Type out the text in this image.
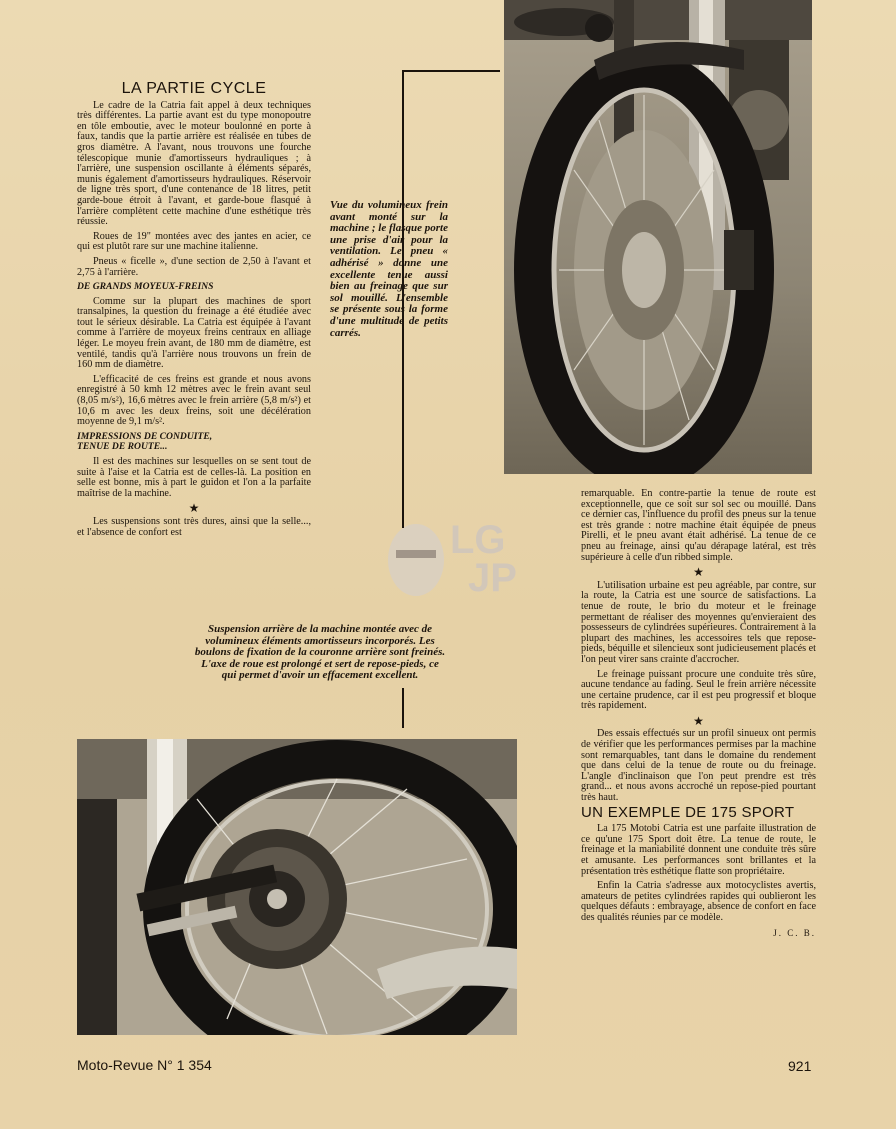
LA PARTIE CYCLE

Le cadre de la Catria fait appel à deux techniques très différentes. La partie avant est du type monopoutre en tôle emboutie, avec le moteur boulonné en porte à faux, tandis que la partie arrière est réalisée en tubes de gros diamètre. A l'avant, nous trouvons une fourche télescopique munie d'amortisseurs hydrauliques ; à l'arrière, une suspension oscillante à éléments séparés, munis également d'amortisseurs hydrauliques. Réservoir de ligne très sport, d'une contenance de 18 litres, petit garde-boue étroit à l'avant, et garde-boue flasqué à l'arrière complètent cette machine d'une esthétique très réussie.

Roues de 19" montées avec des jantes en acier, ce qui est plutôt rare sur une machine italienne.

Pneus « ficelle », d'une section de 2,50 à l'avant et 2,75 à l'arrière.

DE GRANDS MOYEUX-FREINS

Comme sur la plupart des machines de sport transalpines, la question du freinage a été étudiée avec tout le sérieux désirable. La Catria est équipée à l'avant comme à l'arrière de moyeux freins centraux en alliage léger. Le moyeu frein avant, de 180 mm de diamètre, est ventilé, tandis qu'à l'arrière nous trouvons un frein de 160 mm de diamètre.

L'efficacité de ces freins est grande et nous avons enregistré à 50 kmh 12 mètres avec le frein avant seul (8,05 m/s²), 16,6 mètres avec le frein arrière (5,8 m/s²) et 10,6 m avec les deux freins, soit une décélération moyenne de 9,1 m/s².

IMPRESSIONS DE CONDUITE,

TENUE DE ROUTE...

Il est des machines sur lesquelles on se sent tout de suite à l'aise et la Catria est de celles-là. La position en selle est bonne, mis à part le guidon et l'on a la parfaite maîtrise de la machine.

★

Les suspensions sont très dures, ainsi que la selle..., et l'absence de confort est	LG
JP
Vue du volumineux frein avant monté sur la machine ; le flasque porte une prise d'air pour la ventilation. Le pneu « adhérisé » donne une excellente tenue aussi bien au freinage que sur sol mouillé. L'ensemble se présente sous la forme d'une multitude de petits carrés.

remarquable. En contre-partie la tenue de route est exceptionnelle, que ce soit sur sol sec ou mouillé. Dans ce dernier cas, l'influence du profil des pneus sur la tenue est très grande : notre machine était équipée de pneus Pirelli, et le pneu avant était adhérisé. La tenue de ce pneu au freinage, ainsi qu'au dérapage latéral, est très supérieure à celle d'un ribbed simple.

★

L'utilisation urbaine est peu agréable, par contre, sur la route, la Catria est une source de satisfactions. La tenue de route, le brio du moteur et le freinage permettant de réaliser des moyennes qu'envieraient des possesseurs de cylindrées supérieures. Contrairement à la plupart des machines, les accessoires tels que repose-pieds, béquille et silencieux sont judicieusement placés et l'on peut virer sans crainte d'accrocher.

Le freinage puissant procure une conduite très sûre, aucune tendance au fading. Seul le frein arrière nécessite une certaine prudence, car il est peu progressif et bloque très rapidement.

★

Des essais effectués sur un profil sinueux ont permis de vérifier que les performances permises par la machine sont remarquables, tant dans le domaine du rendement que dans celui de la tenue de route ou du freinage. L'angle d'inclinaison que l'on peut prendre est très grand... et nous avons accroché un repose-pied pourtant très haut.

UN EXEMPLE DE 175 SPORT

La 175 Motobi Catria est une parfaite illustration de ce qu'une 175 Sport doit être. La tenue de route, le freinage et la maniabilité donnent une conduite très sûre et amusante. Les performances sont brillantes et la présentation très esthétique flatte son propriétaire.

Enfin la Catria s'adresse aux motocyclistes avertis, amateurs de petites cylindrées rapides qui oublieront les quelques défauts : embrayage, absence de confort en face des qualités réunies par ce modèle.

J. C. B.
Suspension arrière de la machine montée avec de
volumineux éléments amortisseurs incorporés. Les
boulons de fixation de la couronne arrière sont freinés.
L'axe de roue est prolongé et sert de repose-pieds, ce
qui permet d'avoir un effacement excellent.
Moto-Revue N° 1 354	921
